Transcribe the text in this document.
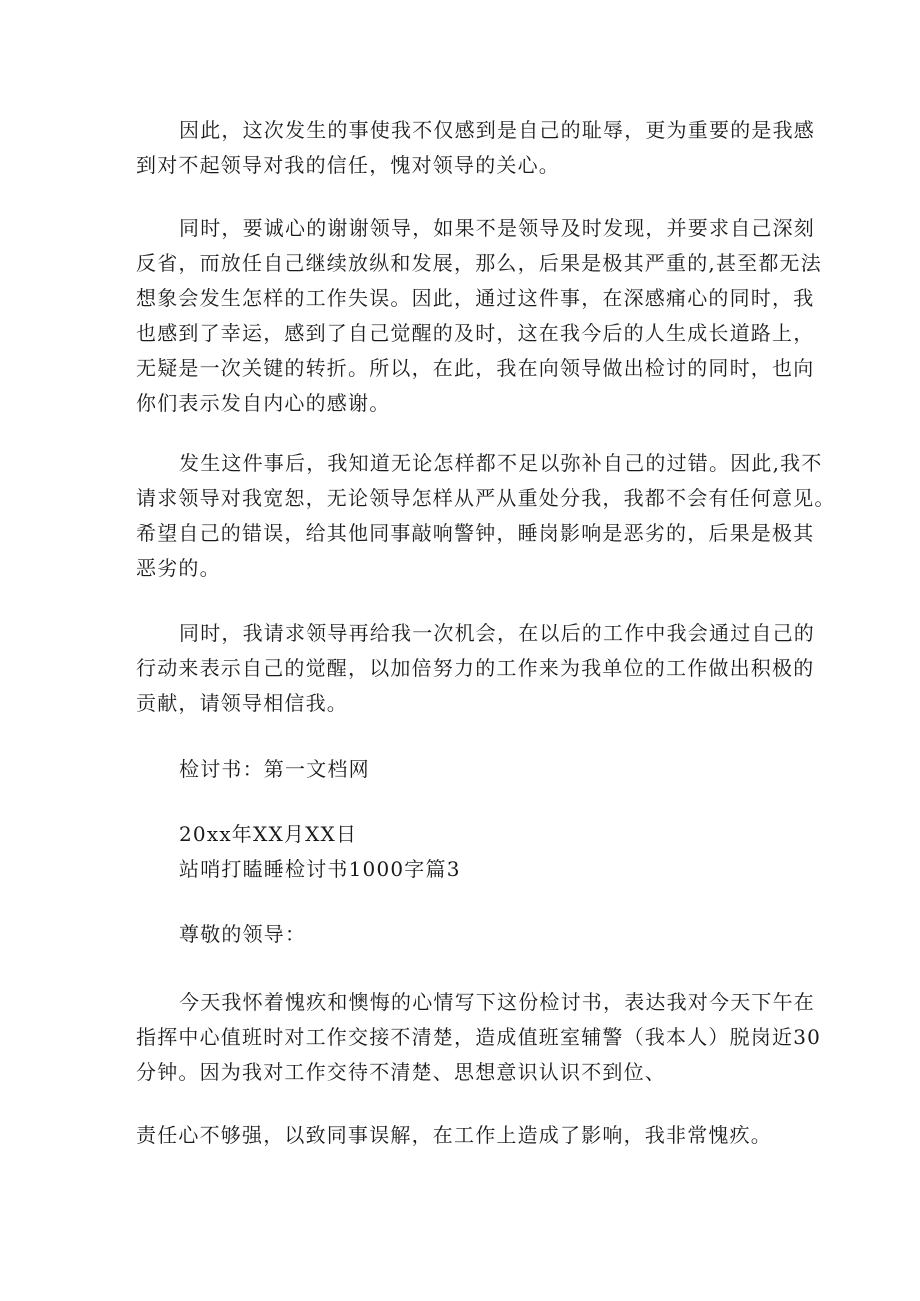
因此，这次发生的事使我不仅感到是自己的耻辱，更为重要的是我感
到对不起领导对我的信任，愧对领导的关心。
同时，要诚心的谢谢领导，如果不是领导及时发现，并要求自己深刻
反省，而放任自己继续放纵和发展，那么，后果是极其严重的,甚至都无法
想象会发生怎样的工作失误。因此，通过这件事，在深感痛心的同时，我
也感到了幸运，感到了自己觉醒的及时，这在我今后的人生成长道路上，
无疑是一次关键的转折。所以，在此，我在向领导做出检讨的同时，也向
你们表示发自内心的感谢。
发生这件事后，我知道无论怎样都不足以弥补自己的过错。因此,我不
请求领导对我宽恕，无论领导怎样从严从重处分我，我都不会有任何意见。
希望自己的错误，给其他同事敲响警钟，睡岗影响是恶劣的，后果是极其
恶劣的。
同时，我请求领导再给我一次机会，在以后的工作中我会通过自己的
行动来表示自己的觉醒，以加倍努力的工作来为我单位的工作做出积极的
贡献，请领导相信我。

检讨书：第一文档网

20xx年XX月XX日

站哨打瞌睡检讨书1000字篇3

尊敬的领导：

今天我怀着愧疚和懊悔的心情写下这份检讨书，表达我对今天下午在
指挥中心值班时对工作交接不清楚，造成值班室辅警（我本人）脱岗近30
分钟。因为我对工作交待不清楚、思想意识认识不到位、

责任心不够强，以致同事误解，在工作上造成了影响，我非常愧疚。
